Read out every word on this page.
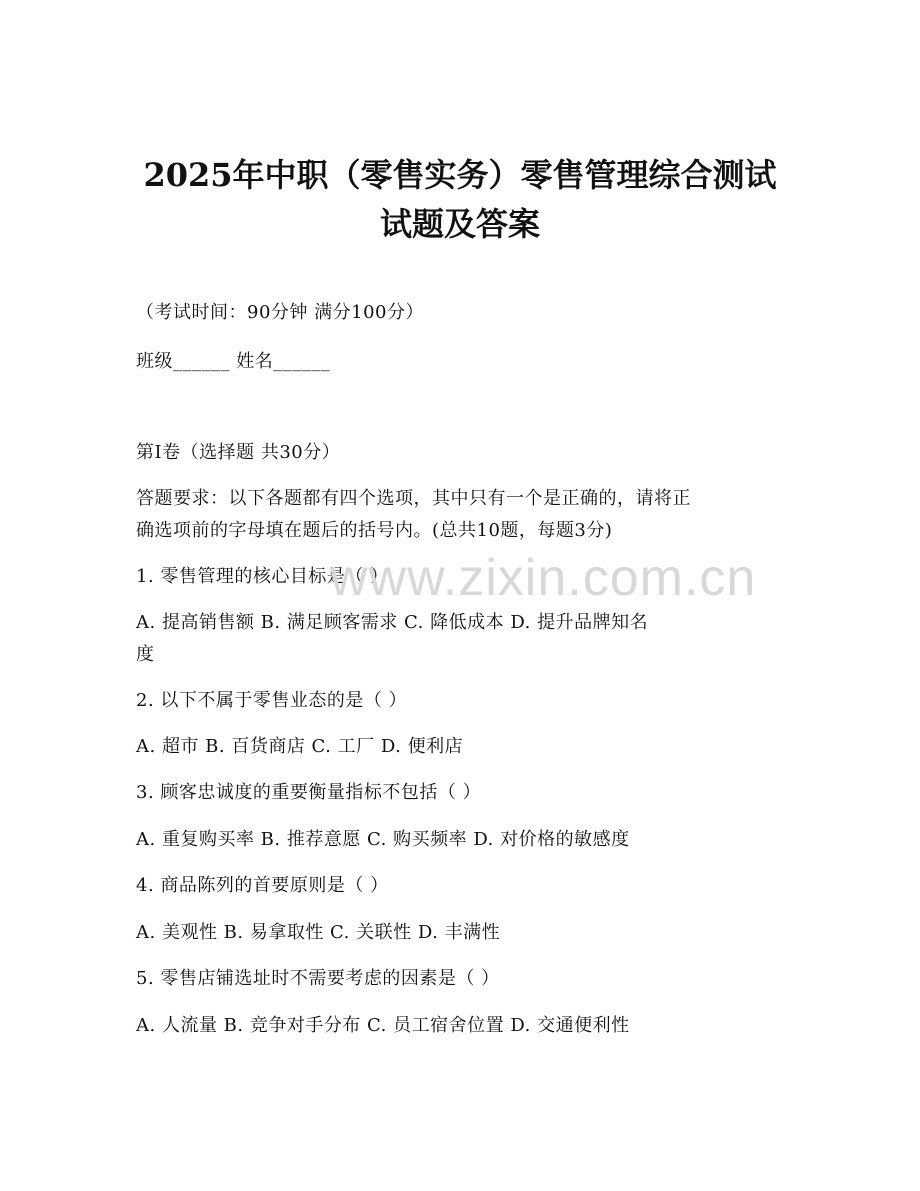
2025年中职（零售实务）零售管理综合测试
试题及答案
（考试时间：90分钟 满分100分）
班级______ 姓名______
第Ⅰ卷（选择题 共30分）
答题要求：以下各题都有四个选项，其中只有一个是正确的，请将正
确选项前的字母填在题后的括号内。(总共10题，每题3分)
1. 零售管理的核心目标是（ ）
A. 提高销售额 B. 满足顾客需求 C. 降低成本 D. 提升品牌知名
度
2. 以下不属于零售业态的是（ ）
A. 超市 B. 百货商店 C. 工厂 D. 便利店
3. 顾客忠诚度的重要衡量指标不包括（ ）
A. 重复购买率 B. 推荐意愿 C. 购买频率 D. 对价格的敏感度
4. 商品陈列的首要原则是（ ）
A. 美观性 B. 易拿取性 C. 关联性 D. 丰满性
5. 零售店铺选址时不需要考虑的因素是（ ）
A. 人流量 B. 竞争对手分布 C. 员工宿舍位置 D. 交通便利性
www.zixin.com.cn
